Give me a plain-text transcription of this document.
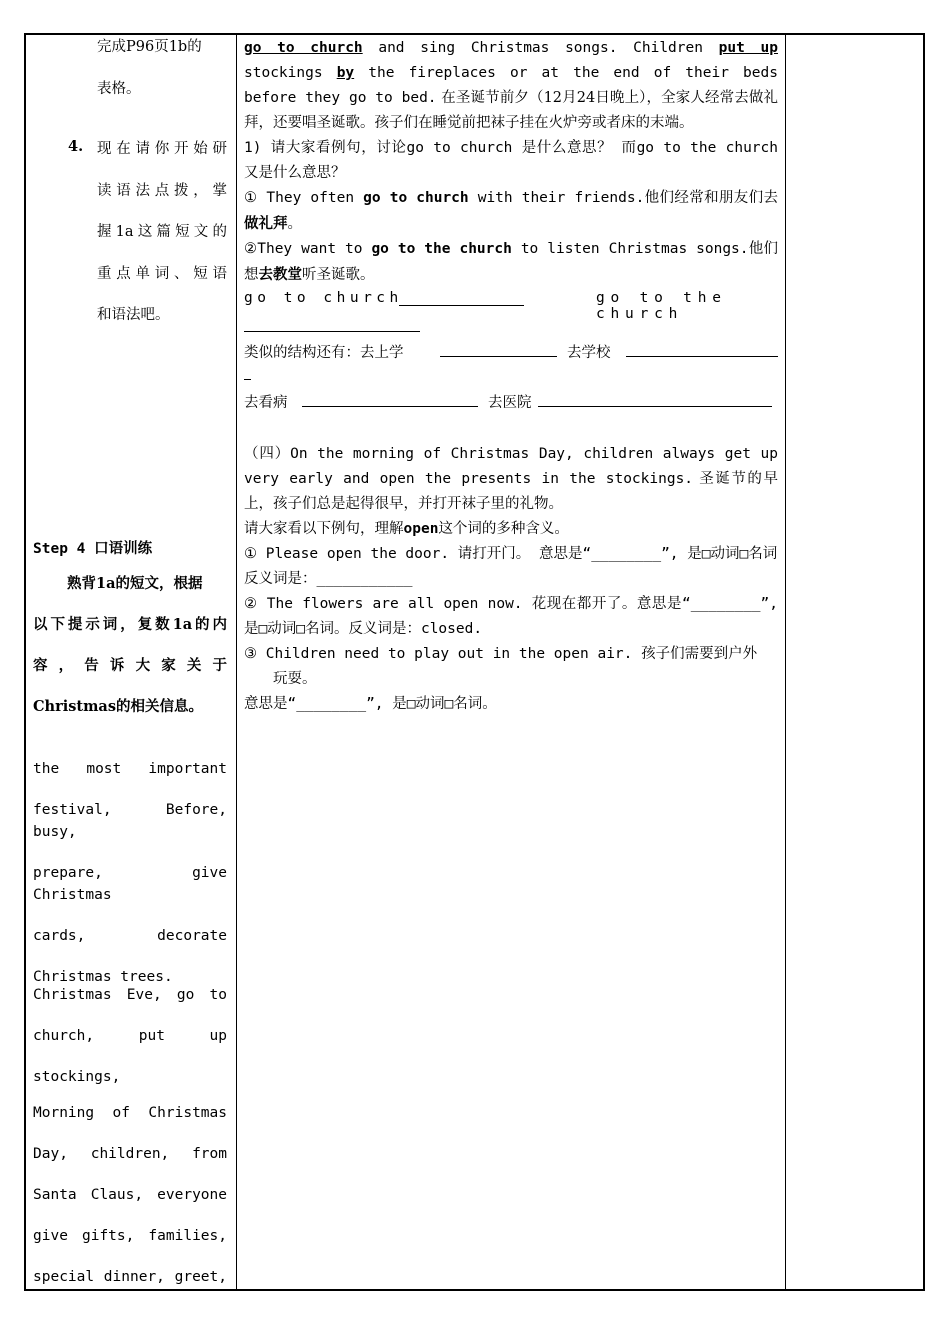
完成P96页1b的

表格。

4. 现在请你开始研

读语法点拨，掌

握1a这篇短文的

重点单词、短语

和语法吧。

Step 4 口语训练

熟背1a的短文，根据

以下提示词，复数1a的内

容，告诉大家关于

Christmas的相关信息。

the most important

festival, Before, busy,

prepare, give Christmas

cards, decorate

Christmas trees.

Christmas Eve, go to

church, put up

stockings,

Morning of Christmas

Day, children, from

Santa Claus, everyone

give gifts, families,

special dinner, greet,

go to church and sing Christmas songs. Children put up stockings by the fireplaces or at the end of their beds before they go to bed. 在圣诞节前夕（12月24日晚上），全家人经常去做礼拜，还要唱圣诞歌。孩子们在睡觉前把袜子挂在火炉旁或者床的末端。

1) 请大家看例句，讨论go to church 是什么意思？ 而go to the church又是什么意思？

① They often go to church with their friends.他们经常和朋友们去做礼拜。

②They want to go to the church to listen Christmas songs.他们想去教堂听圣诞歌。

go to church	go to the church
类似的结构还有：去上学	去学校
去看病	去医院

（四）On the morning of Christmas Day, children always get up very early and open the presents in the stockings. 圣诞节的早上，孩子们总是起得很早，并打开袜子里的礼物。

请大家看以下例句，理解open这个词的多种含义。

① Please open the door. 请打开门。 意思是“________”, 是□动词□名词

反义词是：___________

② The flowers are all open now. 花现在都开了。意思是“________”, 是□动词□名词。反义词是：closed.

③ Children need to play out in the open air. 孩子们需要到户外

玩耍。

意思是“________”, 是□动词□名词。
